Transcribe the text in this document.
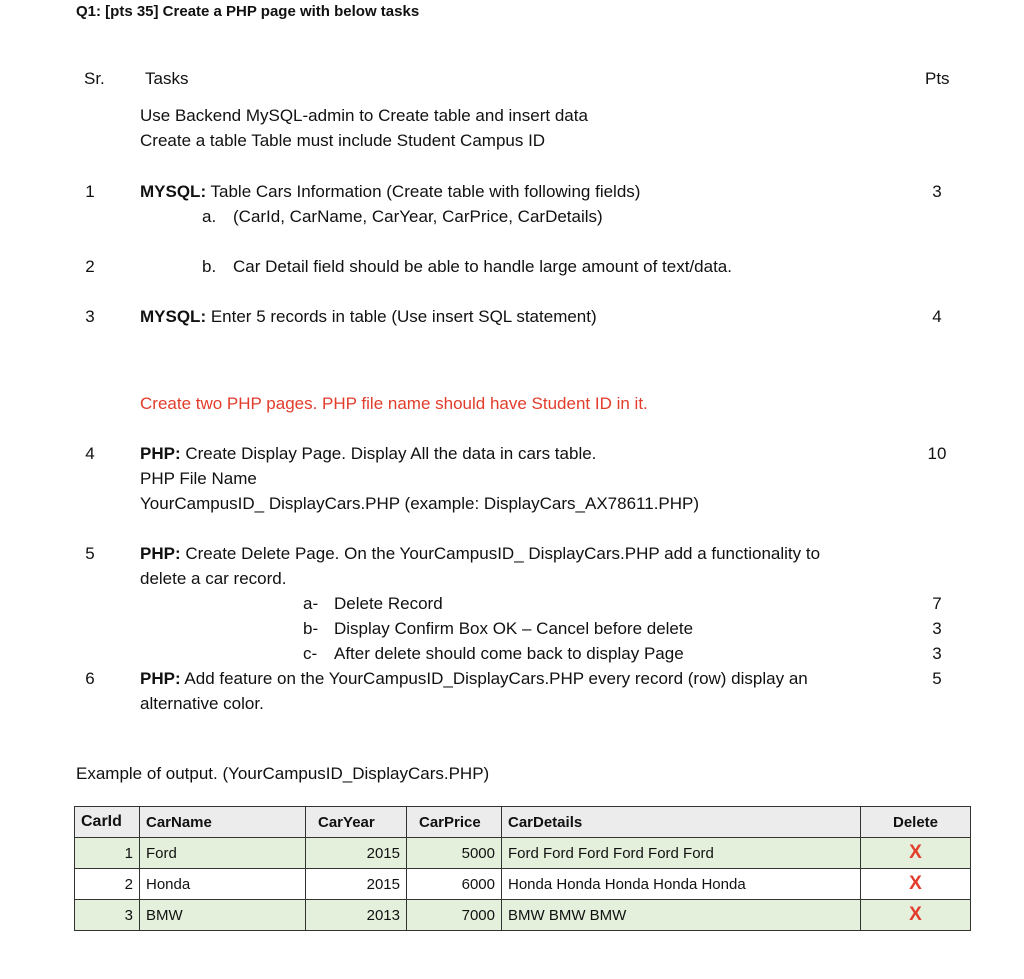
Q1: [pts 35] Create a PHP page with below tasks
Sr. Tasks	Pts
Use Backend MySQL-admin to Create table and insert data
Create a table Table must include Student Campus ID
1	MYSQL: Table Cars Information (Create table with following fields)	3
a. (CarId, CarName, CarYear, CarPrice, CarDetails)
2	b. Car Detail field should be able to handle large amount of text/data.
3	MYSQL: Enter 5 records in table (Use insert SQL statement)	4
Create two PHP pages. PHP file name should have Student ID in it.
4	PHP: Create Display Page. Display All the data in cars table.	10
PHP File Name
YourCampusID_ DisplayCars.PHP (example: DisplayCars_AX78611.PHP)
5	PHP: Create Delete Page. On the YourCampusID_ DisplayCars.PHP add a functionality to
delete a car record.
a- Delete Record	7
b- Display Confirm Box OK – Cancel before delete	3
c- After delete should come back to display Page	3
6	PHP: Add feature on the YourCampusID_DisplayCars.PHP every record (row) display an	5
alternative color.
Example of output. (YourCampusID_DisplayCars.PHP)
CarId	CarName	CarYear	CarPrice	CarDetails	Delete
1	Ford	2015	5000	Ford Ford Ford Ford Ford Ford	X
2	Honda	2015	6000	Honda Honda Honda Honda Honda	X
3	BMW	2013	7000	BMW BMW BMW	X
